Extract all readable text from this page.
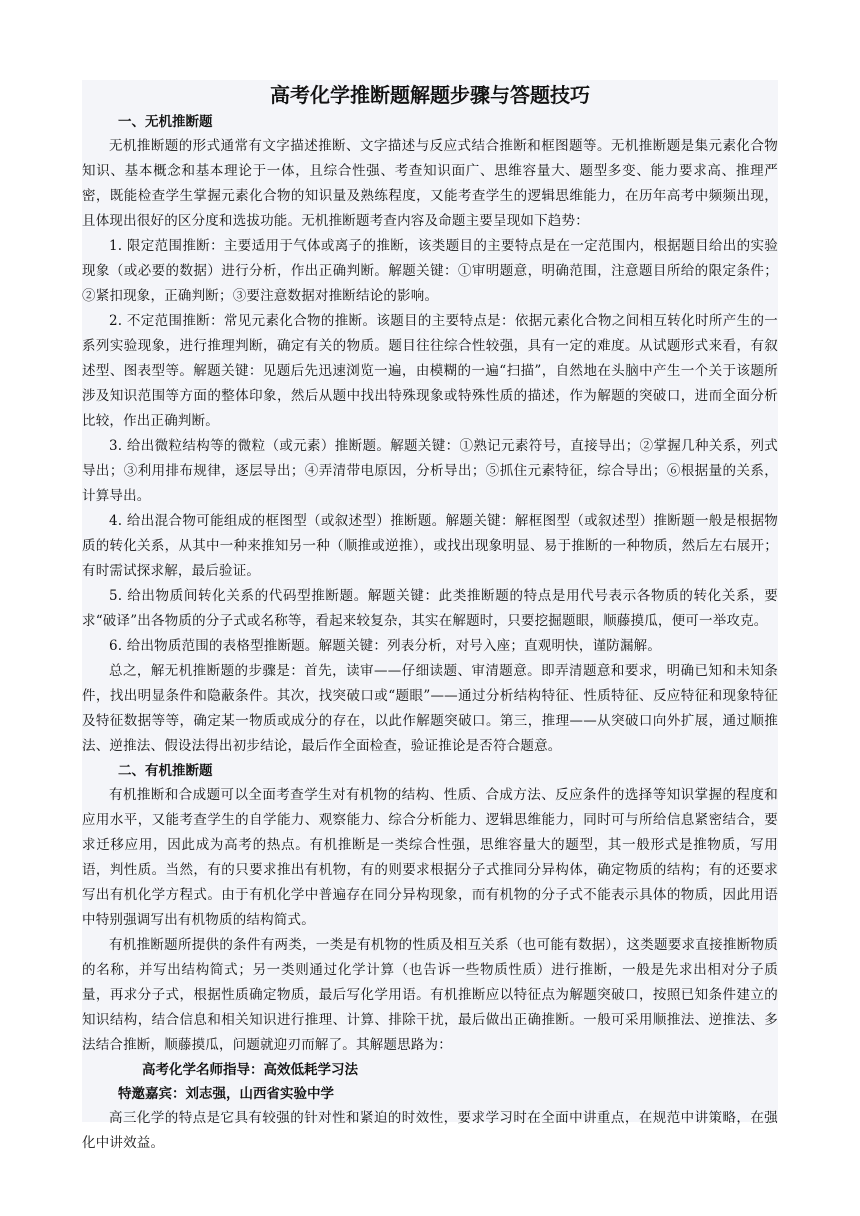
高考化学推断题解题步骤与答题技巧
一、无机推断题

无机推断题的形式通常有文字描述推断、文字描述与反应式结合推断和框图题等。无机推断题是集元素化合物知识、基本概念和基本理论于一体，且综合性强、考查知识面广、思维容量大、题型多变、能力要求高、推理严密，既能检查学生掌握元素化合物的知识量及熟练程度，又能考查学生的逻辑思维能力，在历年高考中频频出现，且体现出很好的区分度和选拔功能。无机推断题考查内容及命题主要呈现如下趋势：

1. 限定范围推断：主要适用于气体或离子的推断，该类题目的主要特点是在一定范围内，根据题目给出的实验现象（或必要的数据）进行分析，作出正确判断。解题关键：①审明题意，明确范围，注意题目所给的限定条件；②紧扣现象，正确判断；③要注意数据对推断结论的影响。

2. 不定范围推断：常见元素化合物的推断。该题目的主要特点是：依据元素化合物之间相互转化时所产生的一系列实验现象，进行推理判断，确定有关的物质。题目往往综合性较强，具有一定的难度。从试题形式来看，有叙述型、图表型等。解题关键：见题后先迅速浏览一遍，由模糊的一遍“扫描”，自然地在头脑中产生一个关于该题所涉及知识范围等方面的整体印象，然后从题中找出特殊现象或特殊性质的描述，作为解题的突破口，进而全面分析比较，作出正确判断。

3. 给出微粒结构等的微粒（或元素）推断题。解题关键：①熟记元素符号，直接导出；②掌握几种关系，列式导出；③利用排布规律，逐层导出；④弄清带电原因，分析导出；⑤抓住元素特征，综合导出；⑥根据量的关系，计算导出。

4. 给出混合物可能组成的框图型（或叙述型）推断题。解题关键：解框图型（或叙述型）推断题一般是根据物质的转化关系，从其中一种来推知另一种（顺推或逆推），或找出现象明显、易于推断的一种物质，然后左右展开；有时需试探求解，最后验证。

5. 给出物质间转化关系的代码型推断题。解题关键：此类推断题的特点是用代号表示各物质的转化关系，要求“破译”出各物质的分子式或名称等，看起来较复杂，其实在解题时，只要挖掘题眼，顺藤摸瓜，便可一举攻克。

6. 给出物质范围的表格型推断题。解题关键：列表分析，对号入座；直观明快，谨防漏解。

总之，解无机推断题的步骤是：首先，读审——仔细读题、审清题意。即弄清题意和要求，明确已知和未知条件，找出明显条件和隐蔽条件。其次，找突破口或“题眼”——通过分析结构特征、性质特征、反应特征和现象特征及特征数据等等，确定某一物质或成分的存在，以此作解题突破口。第三，推理——从突破口向外扩展，通过顺推法、逆推法、假设法得出初步结论，最后作全面检查，验证推论是否符合题意。

二、有机推断题

有机推断和合成题可以全面考查学生对有机物的结构、性质、合成方法、反应条件的选择等知识掌握的程度和应用水平，又能考查学生的自学能力、观察能力、综合分析能力、逻辑思维能力，同时可与所给信息紧密结合，要求迁移应用，因此成为高考的热点。有机推断是一类综合性强，思维容量大的题型，其一般形式是推物质，写用语，判性质。当然，有的只要求推出有机物，有的则要求根据分子式推同分异构体，确定物质的结构；有的还要求写出有机化学方程式。由于有机化学中普遍存在同分异构现象，而有机物的分子式不能表示具体的物质，因此用语中特别强调写出有机物质的结构简式。

有机推断题所提供的条件有两类，一类是有机物的性质及相互关系（也可能有数据），这类题要求直接推断物质的名称，并写出结构简式；另一类则通过化学计算（也告诉一些物质性质）进行推断，一般是先求出相对分子质量，再求分子式，根据性质确定物质，最后写化学用语。有机推断应以特征点为解题突破口，按照已知条件建立的知识结构，结合信息和相关知识进行推理、计算、排除干扰，最后做出正确推断。一般可采用顺推法、逆推法、多法结合推断，顺藤摸瓜，问题就迎刃而解了。其解题思路为：

高考化学名师指导：高效低耗学习法
特邀嘉宾：刘志强，山西省实验中学

高三化学的特点是它具有较强的针对性和紧迫的时效性，要求学习时在全面中讲重点，在规范中讲策略，在强化中讲效益。
